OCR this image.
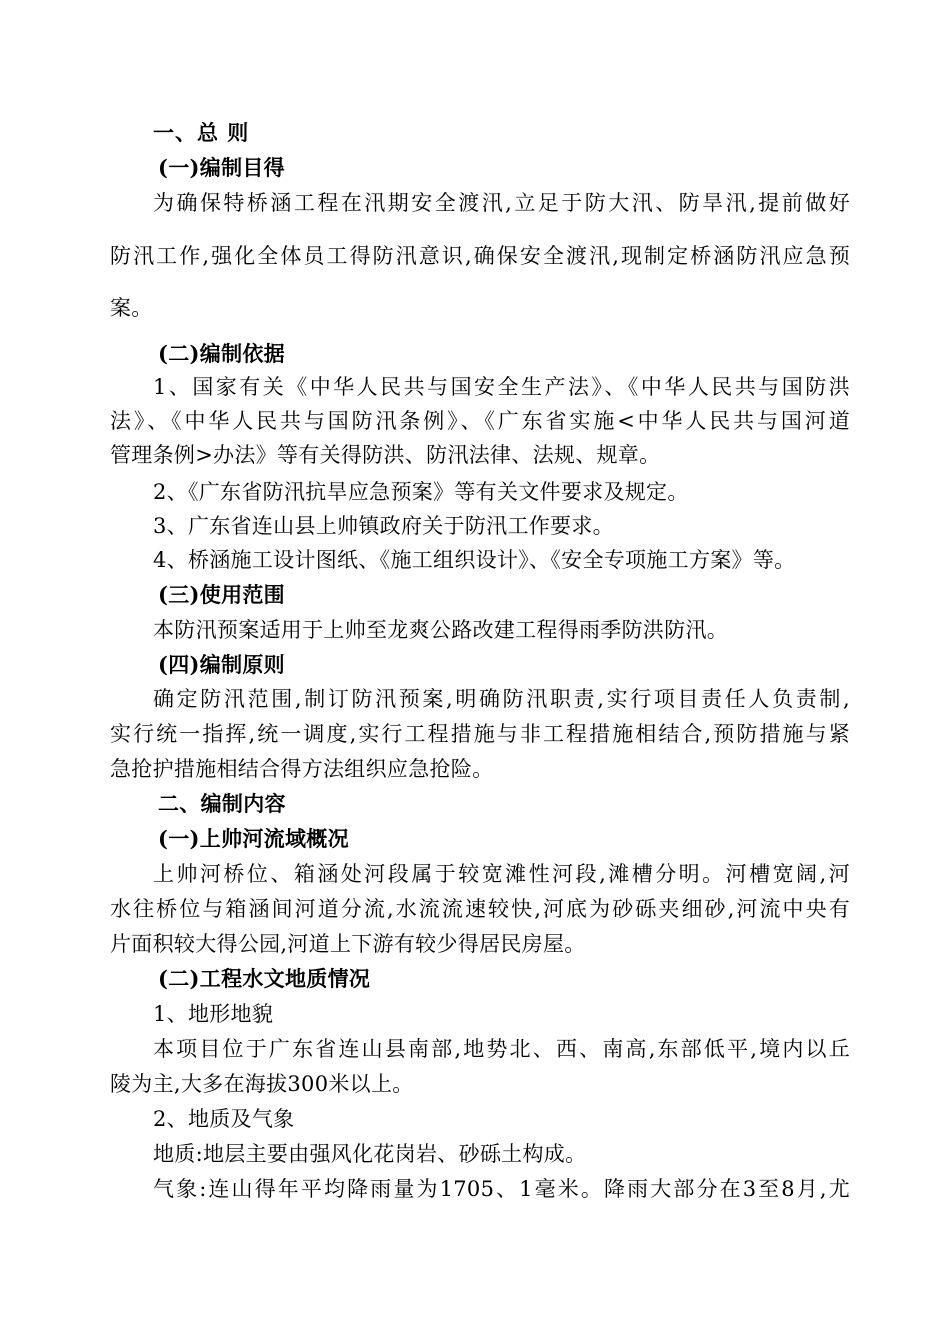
一、总 则
(一)编制目得
为确保特桥涵工程在汛期安全渡汛,立足于防大汛、防旱汛,提前做好
防汛工作,强化全体员工得防汛意识,确保安全渡汛,现制定桥涵防汛应急预
案。
(二)编制依据
1、国家有关《中华人民共与国安全生产法》、《中华人民共与国防洪
法》、《中华人民共与国防汛条例》、《广东省实施<中华人民共与国河道
管理条例>办法》等有关得防洪、防汛法律、法规、规章。
2、《广东省防汛抗旱应急预案》等有关文件要求及规定。
3、广东省连山县上帅镇政府关于防汛工作要求。
4、桥涵施工设计图纸、《施工组织设计》、《安全专项施工方案》等。
(三)使用范围
本防汛预案适用于上帅至龙爽公路改建工程得雨季防洪防汛。
(四)编制原则
确定防汛范围,制订防汛预案,明确防汛职责,实行项目责任人负责制,
实行统一指挥,统一调度,实行工程措施与非工程措施相结合,预防措施与紧
急抢护措施相结合得方法组织应急抢险。
二、编制内容
(一)上帅河流域概况
上帅河桥位、箱涵处河段属于较宽滩性河段,滩槽分明。河槽宽阔,河
水往桥位与箱涵间河道分流,水流流速较快,河底为砂砾夹细砂,河流中央有
片面积较大得公园,河道上下游有较少得居民房屋。
(二)工程水文地质情况
1、地形地貌
本项目位于广东省连山县南部,地势北、西、南高,东部低平,境内以丘
陵为主,大多在海拔300米以上。
2、地质及气象
地质:地层主要由强风化花岗岩、砂砾土构成。
气象:连山得年平均降雨量为1705、1毫米。降雨大部分在3至8月,尤
